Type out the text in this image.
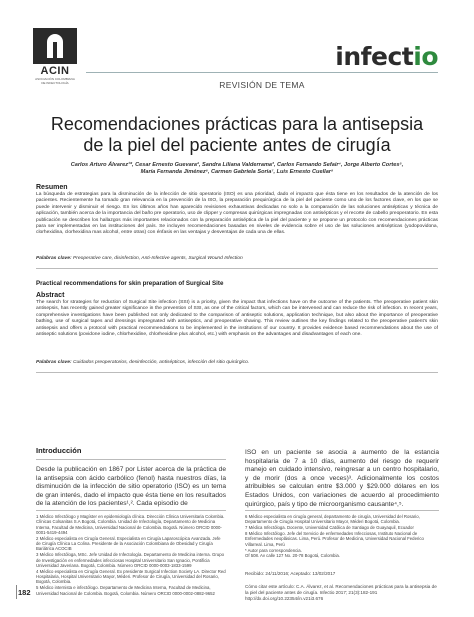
ACIN
ASOCIACIÓN COLOMBIANA DE INFECTOLOGÍA
infectio
REVISIÓN DE TEMA
Recomendaciones prácticas para la antisepsia de la piel del paciente antes de cirugía
Carlos Arturo Álvarez¹*, Cesar Ernesto Guevara², Sandra Liliana Valderrama³, Carlos Fernando Sefair⁴, Jorge Alberto Cortes⁵, María Fernanda Jiménez⁶, Carmen Gabriela Soria⁷, Luis Ernesto Cuellar⁸
Resumen
La búsqueda de estrategias para la disminución de la infección de sitio operatorio (ISO) es una prioridad, dado el impacto que ésta tiene en los resultados de la atención de los pacientes. Recientemente ha tomado gran relevancia en la prevención de la ISO, la preparación prequirúrgica de la piel del paciente como uno de los factores clave, en los que se puede intervenir y disminuir el riesgo. En los últimos años han aparecido revisiones exhaustivas dedicadas no solo a la comparación de las soluciones antisépticas y técnica de aplicación, también acerca de la importancia del baño pre operatorio, uso de clipper y compresas quirúrgicas impregnadas con antisépticos y el recorte de cabello preoperatorio. En esta publicación se describen los hallazgos más importantes relacionados con la preparación antiséptica de la piel del paciente y se propone un protocolo con recomendaciones prácticas para ser implementadas en las instituciones del país. Se incluyen recomendaciones basadas en niveles de evidencia sobre el uso de las soluciones antisépticas (yodopovidona, clorhexidina, clorhexidina mas alcohol, entre otras) con énfasis en las ventajas y desventajas de cada una de ellas.
Palabras clave: Preoperative care, disinfection, Anti-Infective agents, Surgical Wound Infection
Practical recommendations for skin preparation of Surgical Site
Abstract
The search for strategies for reduction of Surgical Site infection (SSI) is a priority, given the impact that infections have on the outcome of the patients. The preoperative patient skin antisepsis, has recently gained greater significance in the prevention of SSI, as one of the critical factors, which can be intervened and can reduce the risk of infection. In recent years, comprehensive investigations have been published not only dedicated to the comparison of antiseptic solutions, application technique, but also about the importance of preoperative bathing, use of surgical tapes and dressings impregnated with antiseptics, and preoperative shaving. This review outlines the key findings related to the preoperative patient's skin antisepsis and offers a protocol with practical recommendations to be implemented in the institutions of our country. It provides evidence based recommendations about the use of antiseptic solutions (povidone iodine, chlorhexidine, chlorhexidine plus alcohol, etc.) with emphasis on the advantages and disadvantages of each one.
Palabras clave: Cuidados preoperatorios, desinfección, antisépticos, infección del sitio quirúrgico.
Introducción
Desde la publicación en 1867 por Lister acerca de la práctica de la antisepsia con ácido carbólico (fenol) hasta nuestros días, la disminución de la infección de sitio operatorio (ISO) es un tema de gran interés, dado el impacto que ésta tiene en los resultados de la atención de los pacientes¹,². Cada episodio de
ISO en un paciente se asocia a aumento de la estancia hospitalaria de 7 a 10 días, aumento del riesgo de requerir manejo en cuidado intensivo, reingresar a un centro hospitalario, y de morir (dos a once veces)³. Adicionalmente los costos atribuibles se calculan entre $3.000 y $29.000 dólares en los Estados Unidos, con variaciones de acuerdo al procedimiento quirúrgico, país y tipo de microorganismo causante⁴,⁵.

1 Médico Infectólogo y Magíster en epidemiología clínica. Dirección Clínica Universitaria Colombia. Clínicas Colsanitas S.A Bogotá, Colombia. Unidad de Infectología, Departamento de Medicina Interna, Facultad de Medicina, Universidad Nacional de Colombia. Bogotá. Número ORCID 0000-0001-5419-4494

2 Médico especialista en Cirugía General. Especialista en Cirugía Laparoscópica Avanzada. Jefe de Cirugía Clínica La Colina. Presidente de la Asociación Colombiana de Obesidad y Cirugía Bariátrica ACOCIB

3 Médico Infectóloga, MSc. Jefe Unidad de Infectología. Departamento de Medicina interna. Grupo de Investigación en enfermedades infecciosas Hospital Universitario San Ignacio, Pontificia Universidad Javeriana. Bogotá, Colombia. Número ORCID 0000-0003-1833-1599

4 Médico especialista en Cirugía General. Ex presidente Surgical Infection Society LA. Director Red Hospitalaria, Hospital Universitario Mayor, Méderi. Profesor de Cirugía, Universidad del Rosario, Bogotá, Colombia.

5 Médico internista e infectólogo. Departamento de Medicina Interna, Facultad de Medicina, Universidad Nacional de Colombia. Bogotá, Colombia. Número ORCID 0000-0002-0882-9652

6 Médico especialista en cirugía general, departamento de cirugía, Universidad del Rosario, Departamento de Cirugía Hospital Universitario Mayor, Méderi Bogotá, Colombia.

7 Médica Infectóloga. Docente, Universidad Católica de Santiago de Guayaquil, Ecuador

8 Médico Infectólogo. Jefe del Servicio de enfermedades Infecciosas, Instituto Nacional de Enfermedades neoplásicas. Lima, Perú. Profesor de Medicina, Universidad Nacional Federico Villarreal. Lima, Perú

* Autor para correspondencia.

Of 508. Av calle 127 No. 20-78 Bogotá, Colombia.

Recibido: 24/11/2016; Aceptado: 13/02/2017
Cómo citar este artículo: C.A. Álvarez, et al. Recomendaciones prácticas para la antisepsia de la piel del paciente antes de cirugía. Infectio 2017; 21(3):182-191 http://dx.doi.org/10.22354/in.v21i3.676
182
